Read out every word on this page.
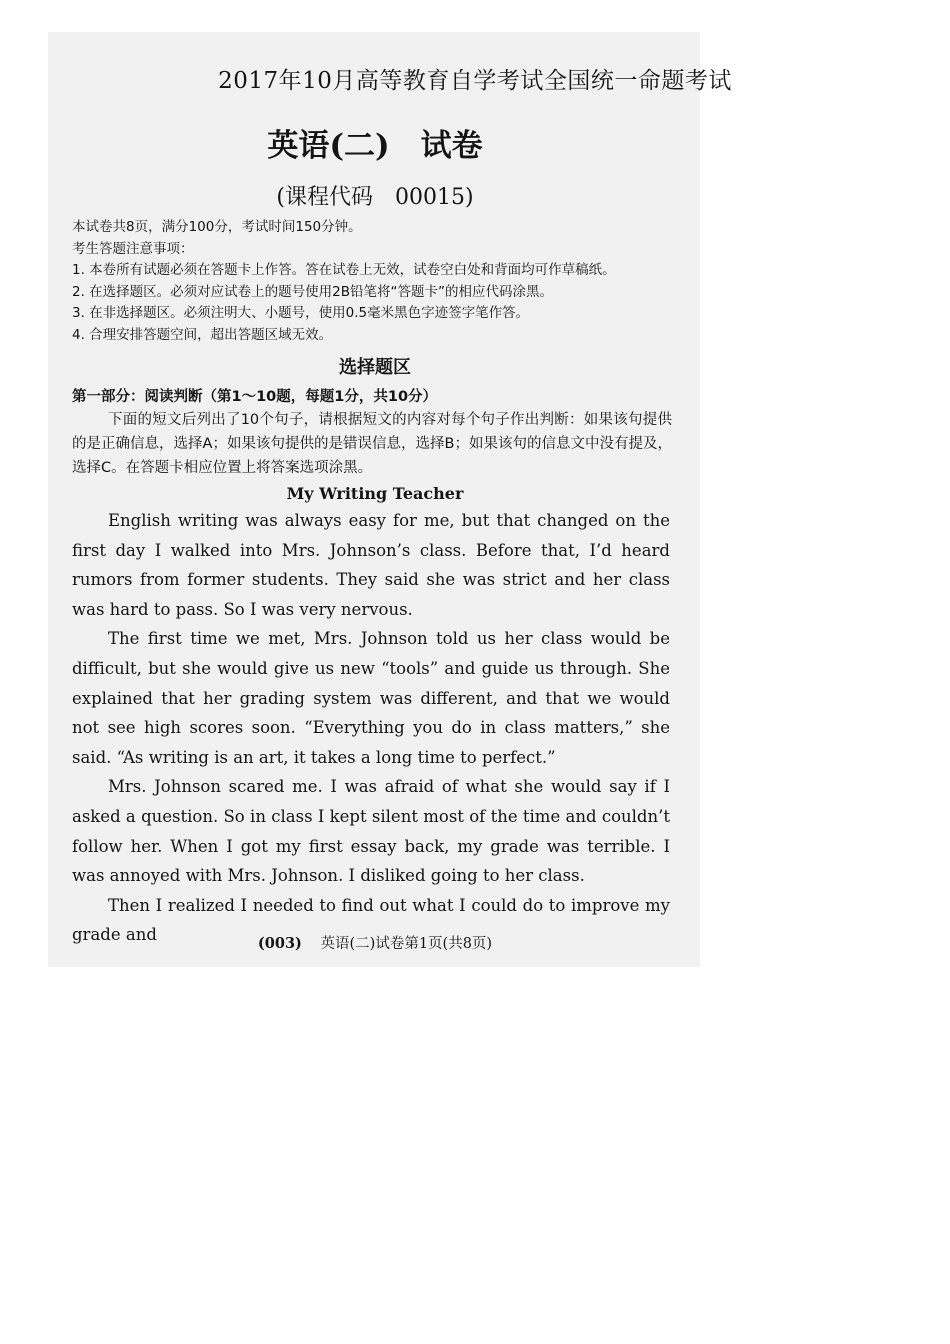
2017年10月高等教育自学考试全国统一命题考试
英语(二)　试卷
(课程代码　00015)
本试卷共8页，满分100分，考试时间150分钟。
考生答题注意事项：
1. 本卷所有试题必须在答题卡上作答。答在试卷上无效，试卷空白处和背面均可作草稿纸。
2. 在选择题区。必须对应试卷上的题号使用2B铅笔将“答题卡”的相应代码涂黑。
3. 在非选择题区。必须注明大、小题号，使用0.5毫米黑色字迹签字笔作答。
4. 合理安排答题空间，超出答题区域无效。
选择题区
第一部分：阅读判断（第1～10题，每题1分，共10分）
下面的短文后列出了10个句子，请根据短文的内容对每个句子作出判断：如果该句提供的是正确信息，选择A；如果该句提供的是错误信息，选择B；如果该句的信息文中没有提及，选择C。在答题卡相应位置上将答案选项涂黑。
My Writing Teacher

English writing was always easy for me, but that changed on the first day I walked into Mrs. Johnson’s class. Before that, I’d heard rumors from former students. They said she was strict and her class was hard to pass. So I was very nervous.

The first time we met, Mrs. Johnson told us her class would be difficult, but she would give us new “tools” and guide us through. She explained that her grading system was different, and that we would not see high scores soon. “Everything you do in class matters,” she said. “As writing is an art, it takes a long time to perfect.”

Mrs. Johnson scared me. I was afraid of what she would say if I asked a question. So in class I kept silent most of the time and couldn’t follow her. When I got my first essay back, my grade was terrible. I was annoyed with Mrs. Johnson. I disliked going to her class.

Then I realized I needed to find out what I could do to improve my grade and	(003) 英语(二)试卷第1页(共8页)
